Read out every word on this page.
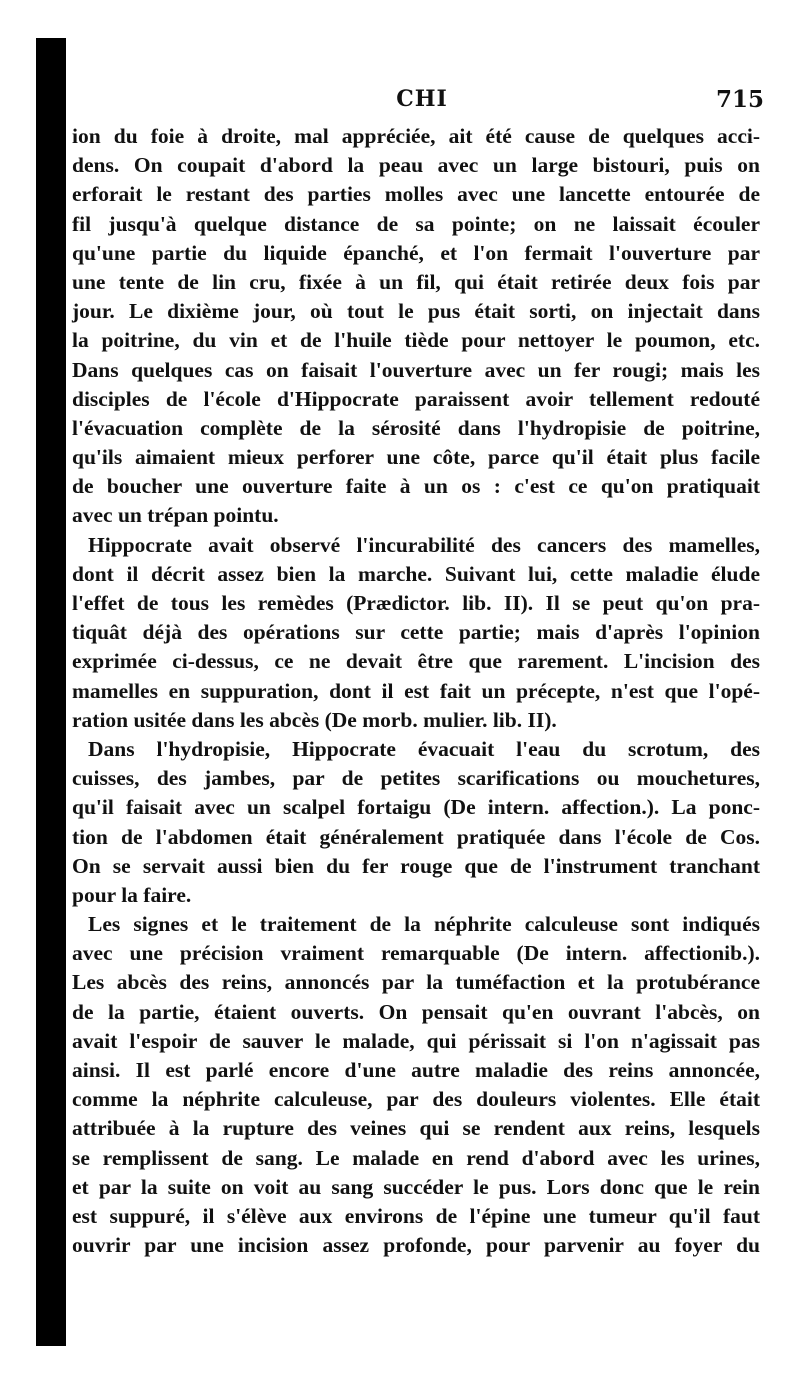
CHI	715
ion du foie à droite, mal appréciée, ait été cause de quelques acci-
dens. On coupait d'abord la peau avec un large bistouri, puis on
erforait le restant des parties molles avec une lancette entourée de
fil jusqu'à quelque distance de sa pointe; on ne laissait écouler
qu'une partie du liquide épanché, et l'on fermait l'ouverture par
une tente de lin cru, fixée à un fil, qui était retirée deux fois par
jour. Le dixième jour, où tout le pus était sorti, on injectait dans
la poitrine, du vin et de l'huile tiède pour nettoyer le poumon, etc.
Dans quelques cas on faisait l'ouverture avec un fer rougi; mais les
disciples de l'école d'Hippocrate paraissent avoir tellement redouté
l'évacuation complète de la sérosité dans l'hydropisie de poitrine,
qu'ils aimaient mieux perforer une côte, parce qu'il était plus facile
de boucher une ouverture faite à un os : c'est ce qu'on pratiquait
avec un trépan pointu.
Hippocrate avait observé l'incurabilité des cancers des mamelles,
dont il décrit assez bien la marche. Suivant lui, cette maladie élude
l'effet de tous les remèdes (Prædictor. lib. II). Il se peut qu'on pra-
tiquât déjà des opérations sur cette partie; mais d'après l'opinion
exprimée ci-dessus, ce ne devait être que rarement. L'incision des
mamelles en suppuration, dont il est fait un précepte, n'est que l'opé-
ration usitée dans les abcès (De morb. mulier. lib. II).
Dans l'hydropisie, Hippocrate évacuait l'eau du scrotum, des
cuisses, des jambes, par de petites scarifications ou mouchetures,
qu'il faisait avec un scalpel fortaigu (De intern. affection.). La ponc-
tion de l'abdomen était généralement pratiquée dans l'école de Cos.
On se servait aussi bien du fer rouge que de l'instrument tranchant
pour la faire.
Les signes et le traitement de la néphrite calculeuse sont indiqués
avec une précision vraiment remarquable (De intern. affectionib.).
Les abcès des reins, annoncés par la tuméfaction et la protubérance
de la partie, étaient ouverts. On pensait qu'en ouvrant l'abcès, on
avait l'espoir de sauver le malade, qui périssait si l'on n'agissait pas
ainsi. Il est parlé encore d'une autre maladie des reins annoncée,
comme la néphrite calculeuse, par des douleurs violentes. Elle était
attribuée à la rupture des veines qui se rendent aux reins, lesquels
se remplissent de sang. Le malade en rend d'abord avec les urines,
et par la suite on voit au sang succéder le pus. Lors donc que le rein
est suppuré, il s'élève aux environs de l'épine une tumeur qu'il faut
ouvrir par une incision assez profonde, pour parvenir au foyer du
